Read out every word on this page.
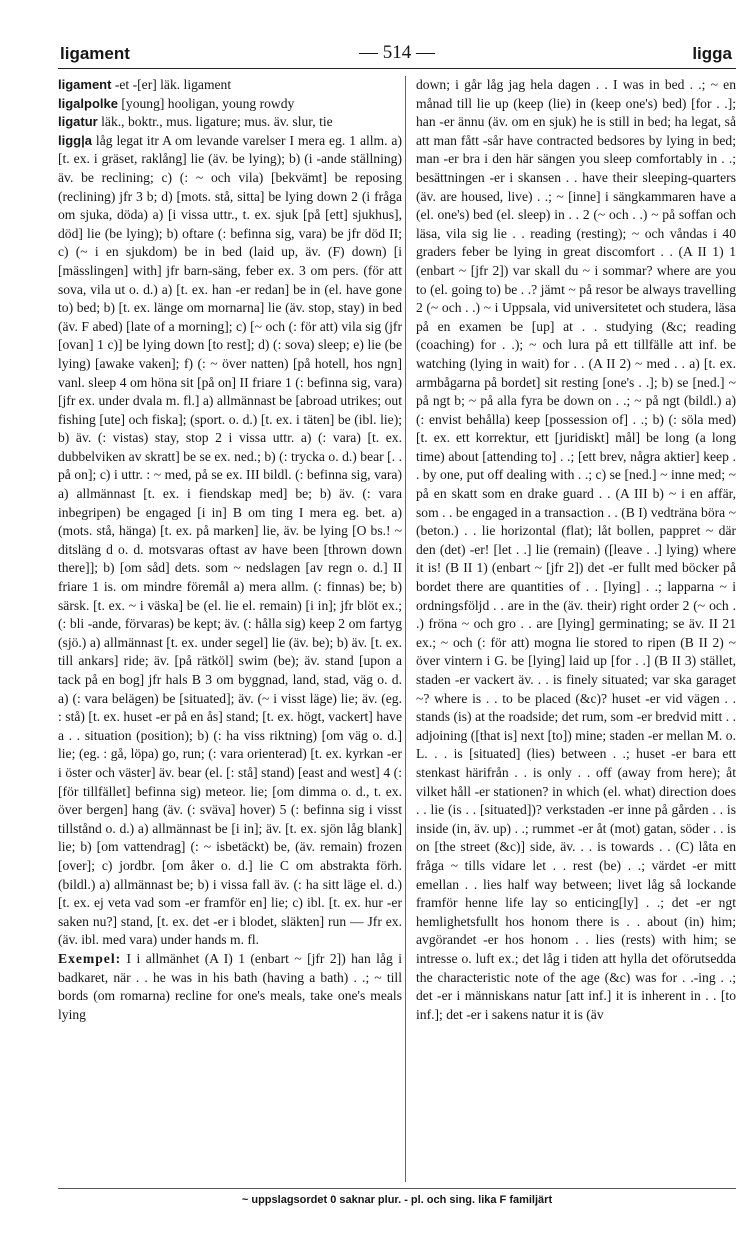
ligament	— 514 —	ligga

ligament -et -[er] läk. ligament

ligalpolke [young] hooligan, young rowdy

ligatur läk., boktr., mus. ligature; mus. äv. slur, tie

ligg|a låg legat itr A om levande varelser I mera eg. 1 allm. a) [t. ex. i gräset, raklång] lie (äv. be lying); b) (i -ande ställning) äv. be reclining; c) (: ~ och vila) [bekvämt] be reposing (reclining) jfr 3 b; d) [mots. stå, sitta] be lying down 2 (i fråga om sjuka, döda) a) [i vissa uttr., t. ex. sjuk [på [ett] sjukhus], död] lie (be lying); b) oftare (: befinna sig, vara) be jfr död II; c) (~ i en sjukdom) be in bed (laid up, äv. (F) down) [i [mässlingen] with] jfr barn-säng, feber ex. 3 om pers. (för att sova, vila ut o. d.) a) [t. ex. han -er redan] be in (el. have gone to) bed; b) [t. ex. länge om mornarna] lie (äv. stop, stay) in bed (äv. F abed) [late of a morning]; c) [~ och (: för att) vila sig (jfr [ovan] 1 c)] be lying down [to rest]; d) (: sova) sleep; e) lie (be lying) [awake vaken]; f) (: ~ över natten) [på hotell, hos ngn] vanl. sleep 4 om höna sit [på on] II friare 1 (: befinna sig, vara) [jfr ex. under dvala m. fl.] a) allmännast be [abroad utrikes; out fishing [ute] och fiska]; (sport. o. d.) [t. ex. i täten] be (ibl. lie); b) äv. (: vistas) stay, stop 2 i vissa uttr. a) (: vara) [t. ex. dubbelviken av skratt] be se ex. ned.; b) (: trycka o. d.) bear [. . på on]; c) i uttr. : ~ med, på se ex. III bildl. (: befinna sig, vara) a) allmännast [t. ex. i fiendskap med] be; b) äv. (: vara inbegripen) be engaged [i in] B om ting I mera eg. bet. a) (mots. stå, hänga) [t. ex. på marken] lie, äv. be lying [O bs.! ~ ditsläng d o. d. motsvaras oftast av have been [thrown down there]]; b) [om såd] dets. som ~ nedslagen [av regn o. d.] II friare 1 is. om mindre föremål a) mera allm. (: finnas) be; b) särsk. [t. ex. ~ i väska] be (el. lie el. remain) [i in]; jfr blöt ex.; (: bli -ande, förvaras) be kept; äv. (: hålla sig) keep 2 om fartyg (sjö.) a) allmännast [t. ex. under segel] lie (äv. be); b) äv. [t. ex. till ankars] ride; äv. [på rätköl] swim (be); äv. stand [upon a tack på en bog] jfr hals B 3 om byggnad, land, stad, väg o. d. a) (: vara belägen) be [situated]; äv. (~ i visst läge) lie; äv. (eg. : stå) [t. ex. huset -er på en ås] stand; [t. ex. högt, vackert] have a . . situation (position); b) (: ha viss riktning) [om väg o. d.] lie; (eg. : gå, löpa) go, run; (: vara orienterad) [t. ex. kyrkan -er i öster och väster] äv. bear (el. [: stå] stand) [east and west] 4 (: [för tillfället] befinna sig) meteor. lie; [om dimma o. d., t. ex. över bergen] hang (äv. (: sväva] hover) 5 (: befinna sig i visst tillstånd o. d.) a) allmännast be [i in]; äv. [t. ex. sjön låg blank] lie; b) [om vattendrag] (: ~ isbetäckt) be, (äv. remain) frozen [over]; c) jordbr. [om åker o. d.] lie C om abstrakta förh. (bildl.) a) allmännast be; b) i vissa fall äv. (: ha sitt läge el. d.) [t. ex. ej veta vad som -er framför en] lie; c) ibl. [t. ex. hur -er saken nu?] stand, [t. ex. det -er i blodet, släkten] run — Jfr ex. (äv. ibl. med vara) under hands m. fl.

Exempel: I i allmänhet (A I) 1 (enbart ~ [jfr 2]) han låg i badkaret, när . . he was in his bath (having a bath) . .; ~ till bords (om romarna) recline for one's meals, take one's meals lying

down; i går låg jag hela dagen . . I was in bed . .; ~ en månad till lie up (keep (lie) in (keep one's) bed) [for . .]; han -er ännu (äv. om en sjuk) he is still in bed; ha legat, så att man fått -sår have contracted bedsores by lying in bed; man -er bra i den här sängen you sleep comfortably in . .; besättningen -er i skansen . . have their sleeping-quarters (äv. are housed, live) . .; ~ [inne] i sängkammaren have a (el. one's) bed (el. sleep) in . . 2 (~ och . .) ~ på soffan och läsa, vila sig lie . . reading (resting); ~ och våndas i 40 graders feber be lying in great discomfort . . (A II 1) 1 (enbart ~ [jfr 2]) var skall du ~ i sommar? where are you to (el. going to) be . .? jämt ~ på resor be always travelling 2 (~ och . .) ~ i Uppsala, vid universitetet och studera, läsa på en examen be [up] at . . studying (&c; reading (coaching) for . .); ~ och lura på ett tillfälle att inf. be watching (lying in wait) for . . (A II 2) ~ med . . a) [t. ex. armbågarna på bordet] sit resting [one's . .]; b) se [ned.] ~ på ngt b; ~ på alla fyra be down on . .; ~ på ngt (bildl.) a) (: envist behålla) keep [possession of] . .; b) (: söla med) [t. ex. ett korrektur, ett [juridiskt] mål] be long (a long time) about [attending to] . .; [ett brev, några aktier] keep . . by one, put off dealing with . .; c) se [ned.] ~ inne med; ~ på en skatt som en drake guard . . (A III b) ~ i en affär, som . . be engaged in a transaction . . (B I) vedträna böra ~ (beton.) . . lie horizontal (flat); låt bollen, pappret ~ där den (det) -er! [let . .] lie (remain) ([leave . .] lying) where it is! (B II 1) (enbart ~ [jfr 2]) det -er fullt med böcker på bordet there are quantities of . . [lying] . .; lapparna ~ i ordningsföljd . . are in the (äv. their) right order 2 (~ och . .) fröna ~ och gro . . are [lying] germinating; se äv. II 21 ex.; ~ och (: för att) mogna lie stored to ripen (B II 2) ~ över vintern i G. be [lying] laid up [for . .] (B II 3) stället, staden -er vackert äv. . . is finely situated; var ska garaget ~? where is . . to be placed (&c)? huset -er vid vägen . . stands (is) at the roadside; det rum, som -er bredvid mitt . . adjoining ([that is] next [to]) mine; staden -er mellan M. o. L. . . is [situated] (lies) between . .; huset -er bara ett stenkast härifrån . . is only . . off (away from here); åt vilket håll -er stationen? in which (el. what) direction does . . lie (is . . [situated])? verkstaden -er inne på gården . . is inside (in, äv. up) . .; rummet -er åt (mot) gatan, söder . . is on [the street (&c)] side, äv. . . is towards . . (C) låta en fråga ~ tills vidare let . . rest (be) . .; värdet -er mitt emellan . . lies half way between; livet låg så lockande framför henne life lay so enticing[ly] . .; det -er ngt hemlighetsfullt hos honom there is . . about (in) him; avgörandet -er hos honom . . lies (rests) with him; se intresse o. luft ex.; det låg i tiden att hylla det oförutsedda the characteristic note of the age (&c) was for . .-ing . .; det -er i människans natur [att inf.] it is inherent in . . [to inf.]; det -er i sakens natur it is (äv

~ uppslagsordet 0 saknar plur. - pl. och sing. lika F familjärt
